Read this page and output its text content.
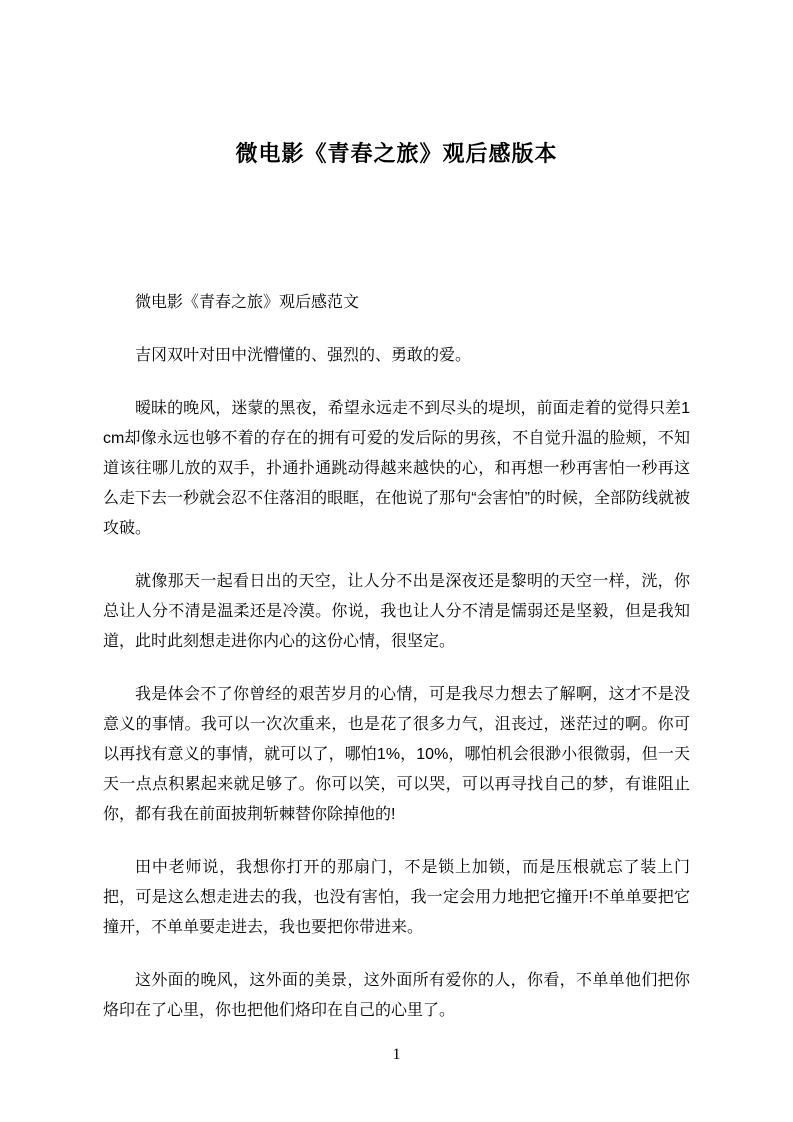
微电影《青春之旅》观后感版本

微电影《青春之旅》观后感范文

吉冈双叶对田中洸懵懂的、强烈的、勇敢的爱。

暧昧的晚风，迷蒙的黑夜，希望永远走不到尽头的堤坝，前面走着的觉得只差1cm却像永远也够不着的存在的拥有可爱的发后际的男孩，不自觉升温的脸颊，不知道该往哪儿放的双手，扑通扑通跳动得越来越快的心，和再想一秒再害怕一秒再这么走下去一秒就会忍不住落泪的眼眶，在他说了那句“会害怕”的时候，全部防线就被攻破。

就像那天一起看日出的天空，让人分不出是深夜还是黎明的天空一样，洸，你总让人分不清是温柔还是冷漠。你说，我也让人分不清是懦弱还是坚毅，但是我知道，此时此刻想走进你内心的这份心情，很坚定。

我是体会不了你曾经的艰苦岁月的心情，可是我尽力想去了解啊，这才不是没意义的事情。我可以一次次重来，也是花了很多力气，沮丧过，迷茫过的啊。你可以再找有意义的事情，就可以了，哪怕1%，10%，哪怕机会很渺小很微弱，但一天天一点点积累起来就足够了。你可以笑，可以哭，可以再寻找自己的梦，有谁阻止你，都有我在前面披荆斩棘替你除掉他的!

田中老师说，我想你打开的那扇门，不是锁上加锁，而是压根就忘了装上门把，可是这么想走进去的我，也没有害怕，我一定会用力地把它撞开!不单单要把它撞开，不单单要走进去，我也要把你带进来。

这外面的晚风，这外面的美景，这外面所有爱你的人，你看，不单单他们把你烙印在了心里，你也把他们烙印在自己的心里了。

1
